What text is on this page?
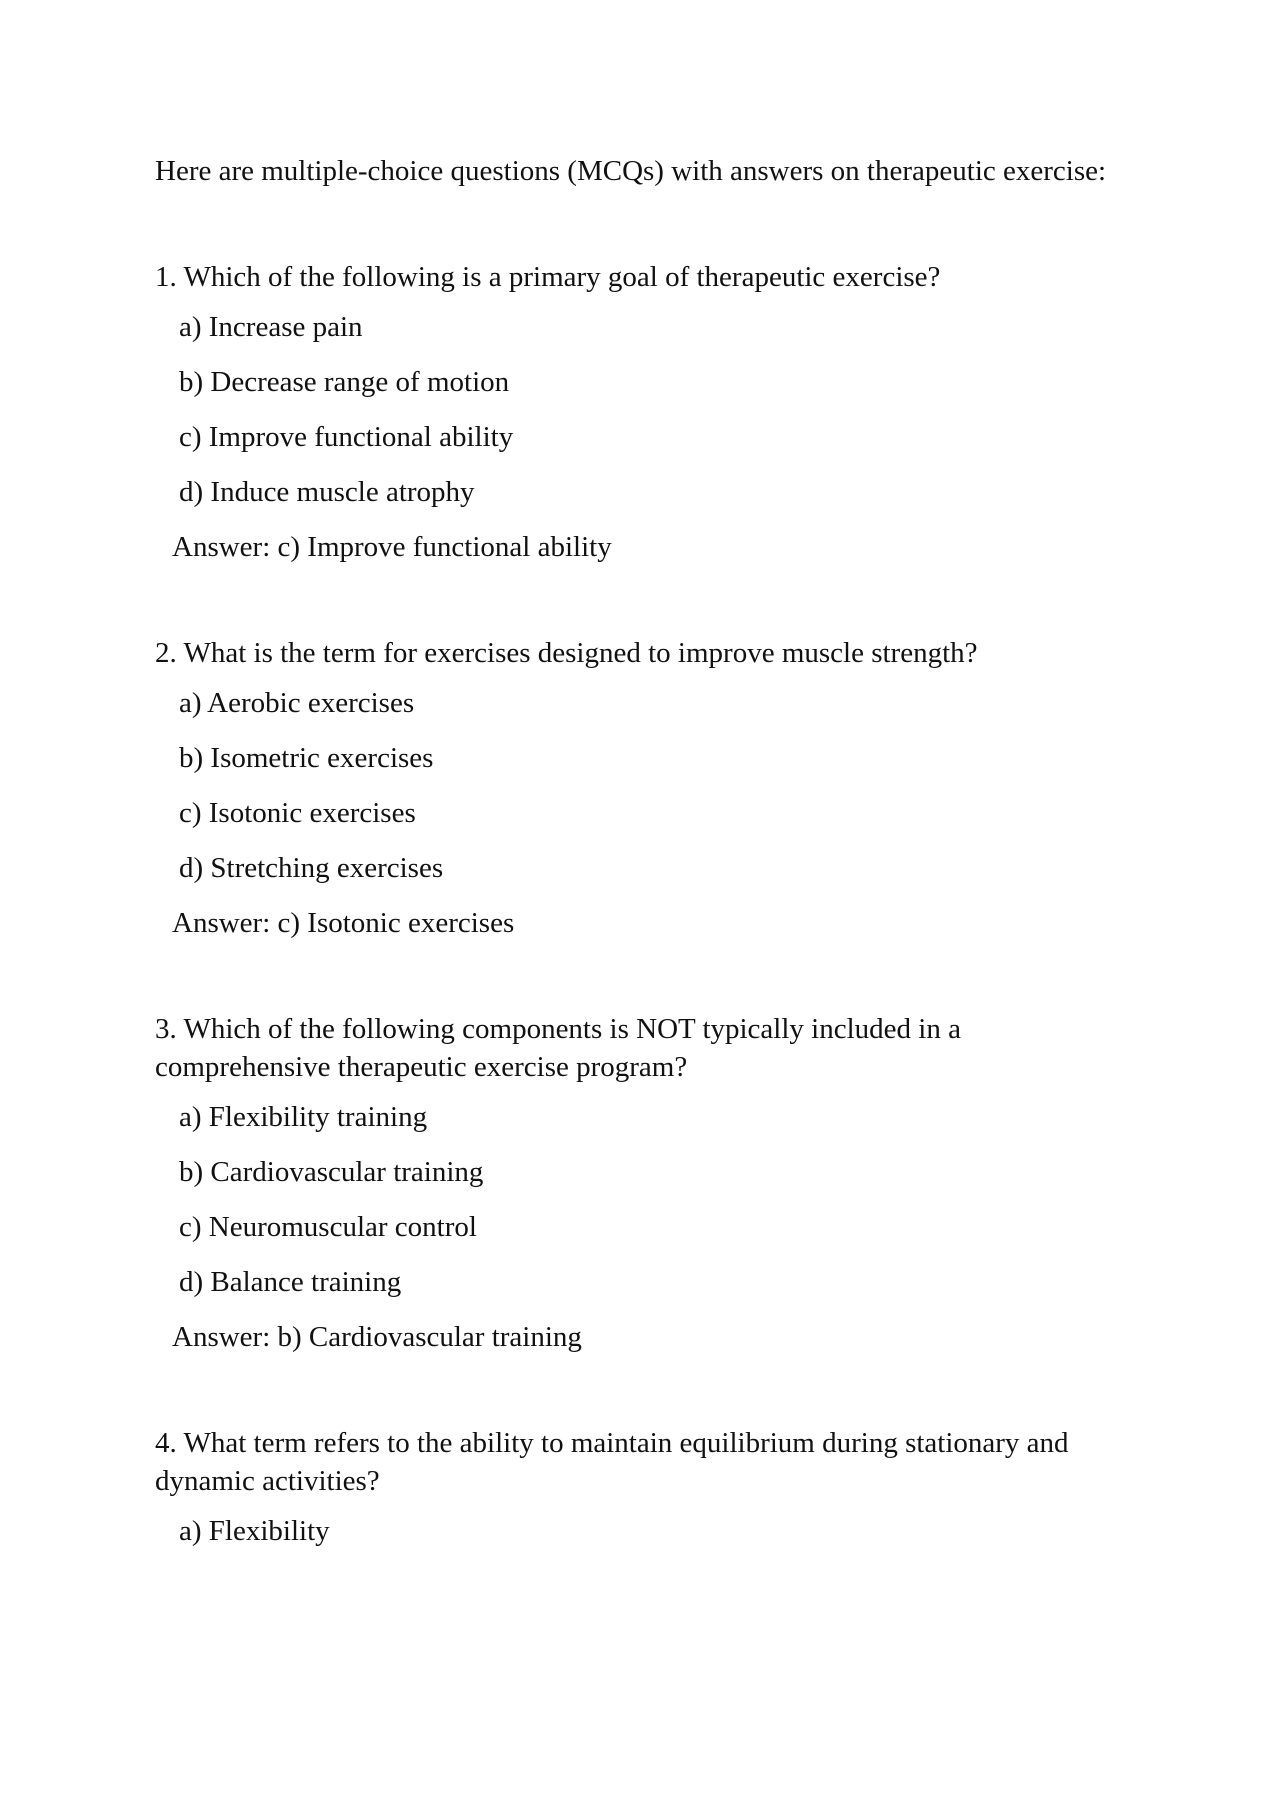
Here are multiple-choice questions (MCQs) with answers on therapeutic exercise:

1. Which of the following is a primary goal of therapeutic exercise?

a) Increase pain
b) Decrease range of motion
c) Improve functional ability
d) Induce muscle atrophy

Answer: c) Improve functional ability

2. What is the term for exercises designed to improve muscle strength?

a) Aerobic exercises
b) Isometric exercises
c) Isotonic exercises
d) Stretching exercises

Answer: c) Isotonic exercises

3. Which of the following components is NOT typically included in a comprehensive therapeutic exercise program?

a) Flexibility training
b) Cardiovascular training
c) Neuromuscular control
d) Balance training

Answer: b) Cardiovascular training

4. What term refers to the ability to maintain equilibrium during stationary and dynamic activities?

a) Flexibility
